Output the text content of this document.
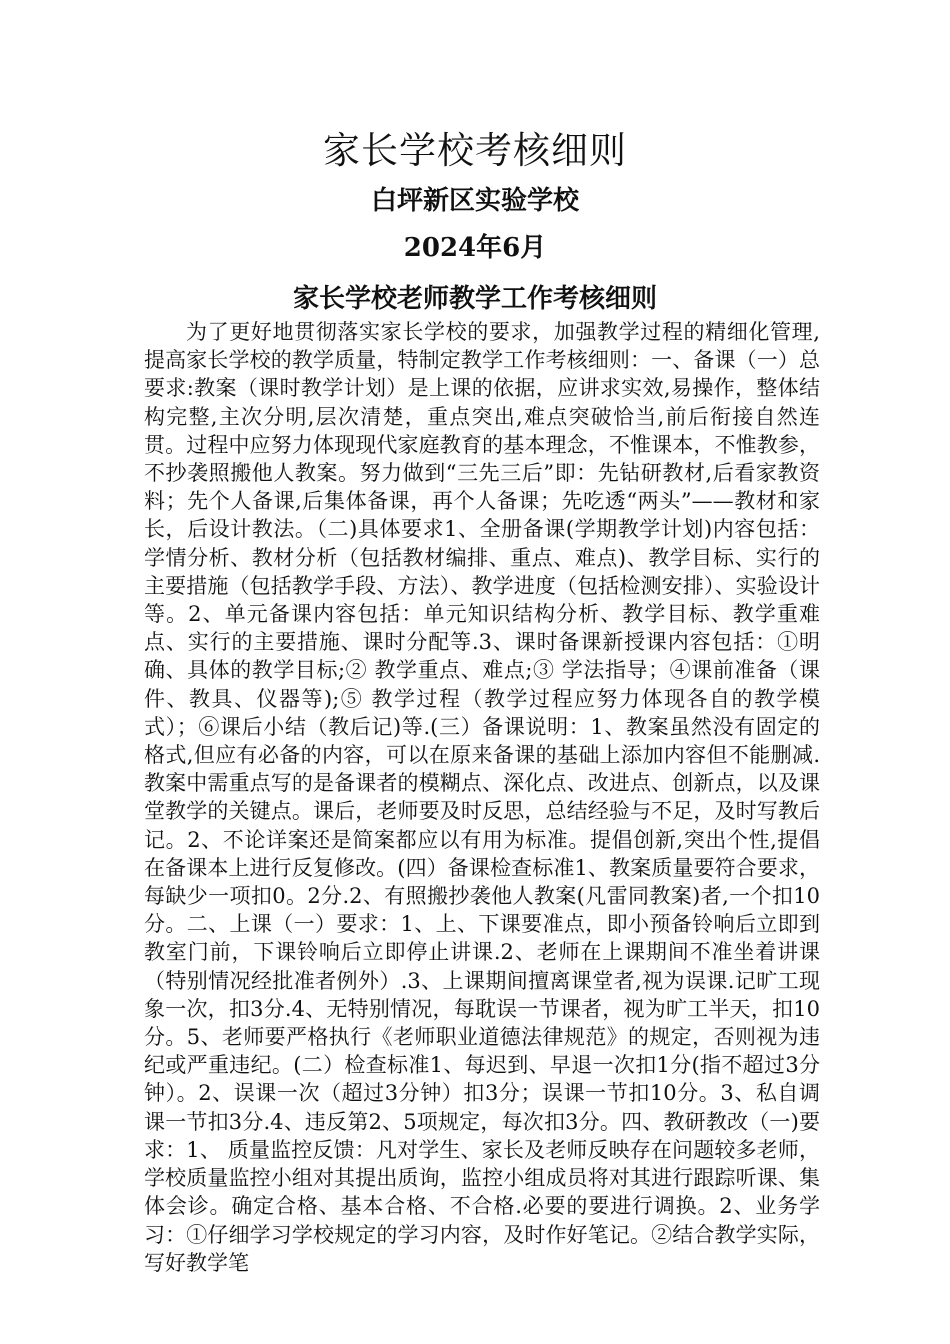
家长学校考核细则
白坪新区实验学校
2024年6月
家长学校老师教学工作考核细则

为了更好地贯彻落实家长学校的要求，加强教学过程的精细化管理,提高家长学校的教学质量，特制定教学工作考核细则：一、备课（一）总要求:教案（课时教学计划）是上课的依据，应讲求实效,易操作，整体结构完整,主次分明,层次清楚，重点突出,难点突破恰当,前后衔接自然连贯。过程中应努力体现现代家庭教育的基本理念，不惟课本，不惟教参，不抄袭照搬他人教案。努力做到“三先三后”即：先钻研教材,后看家教资料；先个人备课,后集体备课，再个人备课；先吃透“两头”——教材和家长，后设计教法。（二)具体要求1、全册备课(学期教学计划)内容包括：学情分析、教材分析（包括教材编排、重点、难点)、教学目标、实行的主要措施（包括教学手段、方法）、教学进度（包括检测安排）、实验设计等。2、单元备课内容包括：单元知识结构分析、教学目标、教学重难点、实行的主要措施、课时分配等.3、课时备课新授课内容包括：①明确、具体的教学目标;② 教学重点、难点;③ 学法指导；④课前准备（课件、教具、仪器等);⑤ 教学过程（教学过程应努力体现各自的教学模式）；⑥课后小结（教后记)等.(三）备课说明：1、教案虽然没有固定的格式,但应有必备的内容，可以在原来备课的基础上添加内容但不能删减.教案中需重点写的是备课者的模糊点、深化点、改进点、创新点，以及课堂教学的关键点。课后，老师要及时反思，总结经验与不足，及时写教后记。2、不论详案还是简案都应以有用为标准。提倡创新,突出个性,提倡在备课本上进行反复修改。(四）备课检查标准1、教案质量要符合要求，每缺少一项扣0。2分.2、有照搬抄袭他人教案(凡雷同教案)者,一个扣10分。二、上课（一）要求：1、上、下课要准点，即小预备铃响后立即到教室门前，下课铃响后立即停止讲课.2、老师在上课期间不准坐着讲课（特别情况经批准者例外）.3、上课期间擅离课堂者,视为误课.记旷工现象一次，扣3分.4、无特别情况，每耽误一节课者，视为旷工半天，扣10分。5、老师要严格执行《老师职业道德法律规范》的规定，否则视为违纪或严重违纪。(二）检查标准1、每迟到、早退一次扣1分(指不超过3分钟）。2、误课一次（超过3分钟）扣3分；误课一节扣10分。3、私自调课一节扣3分.4、违反第2、5项规定，每次扣3分。四、教研教改（一)要求：1、 质量监控反馈：凡对学生、家长及老师反映存在问题较多老师，学校质量监控小组对其提出质询，监控小组成员将对其进行跟踪听课、集体会诊。确定合格、基本合格、不合格.必要的要进行调换。2、业务学习：①仔细学习学校规定的学习内容，及时作好笔记。②结合教学实际，写好教学笔
